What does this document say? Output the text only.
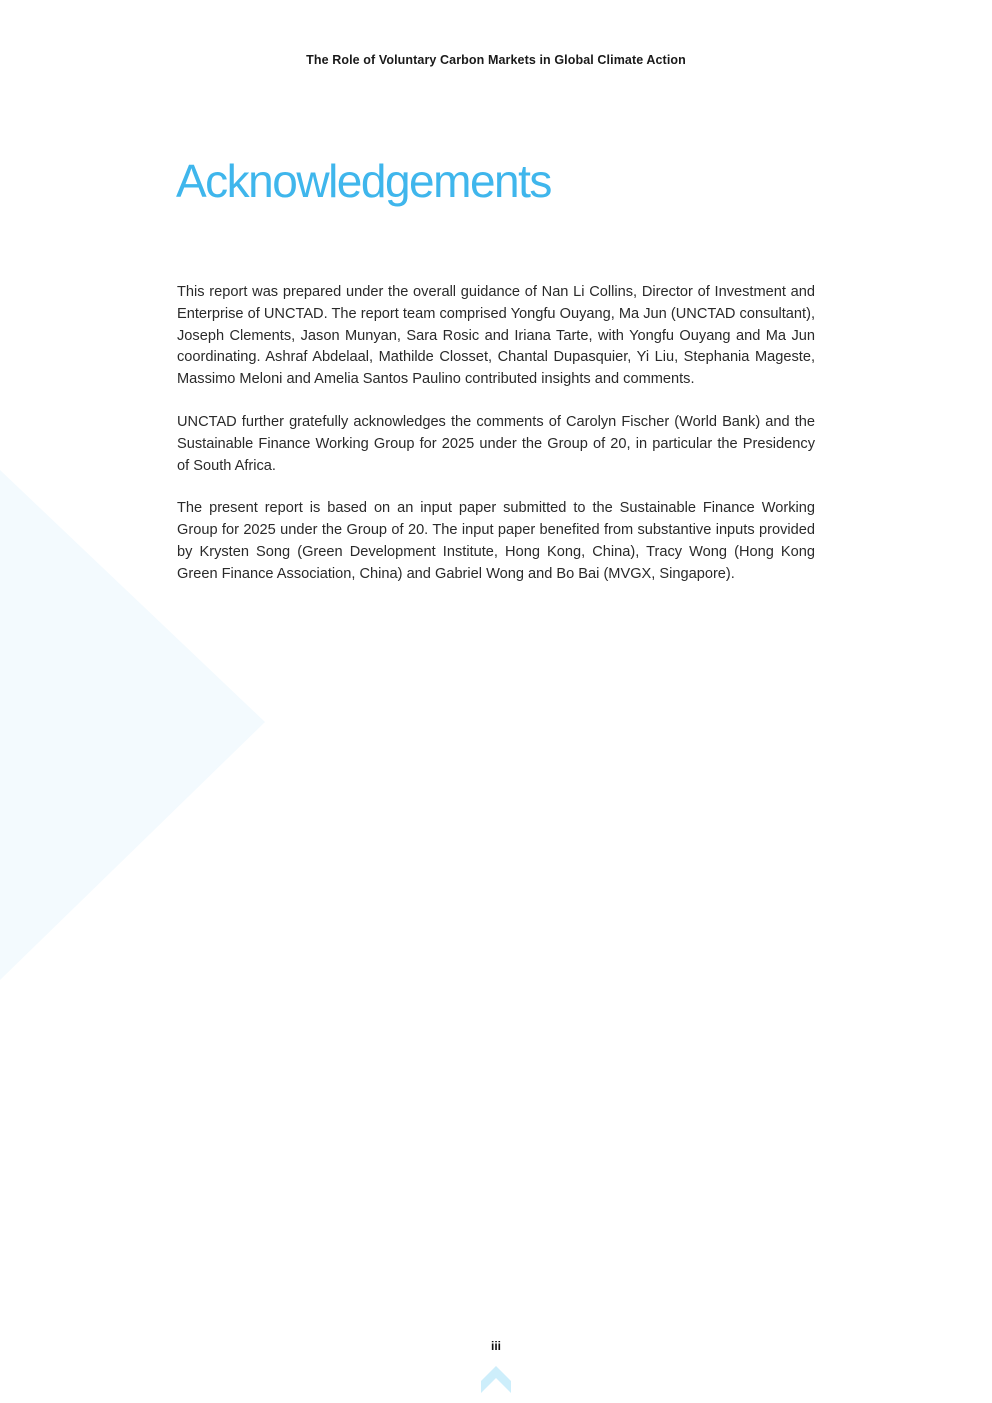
The Role of Voluntary Carbon Markets in Global Climate Action
Acknowledgements

This report was prepared under the overall guidance of Nan Li Collins, Director of Investment and Enterprise of UNCTAD. The report team comprised Yongfu Ouyang, Ma Jun (UNCTAD consultant), Joseph Clements, Jason Munyan, Sara Rosic and Iriana Tarte, with Yongfu Ouyang and Ma Jun coordinating. Ashraf Abdelaal, Mathilde Closset, Chantal Dupasquier, Yi Liu, Stephania Mageste, Massimo Meloni and Amelia Santos Paulino contributed insights and comments.

UNCTAD further gratefully acknowledges the comments of Carolyn Fischer (World Bank) and the Sustainable Finance Working Group for 2025 under the Group of 20, in particular the Presidency of South Africa.

The present report is based on an input paper submitted to the Sustainable Finance Working Group for 2025 under the Group of 20. The input paper benefited from substantive inputs provided by Krysten Song (Green Development Institute, Hong Kong, China), Tracy Wong (Hong Kong Green Finance Association, China) and Gabriel Wong and Bo Bai (MVGX, Singapore).

iii
